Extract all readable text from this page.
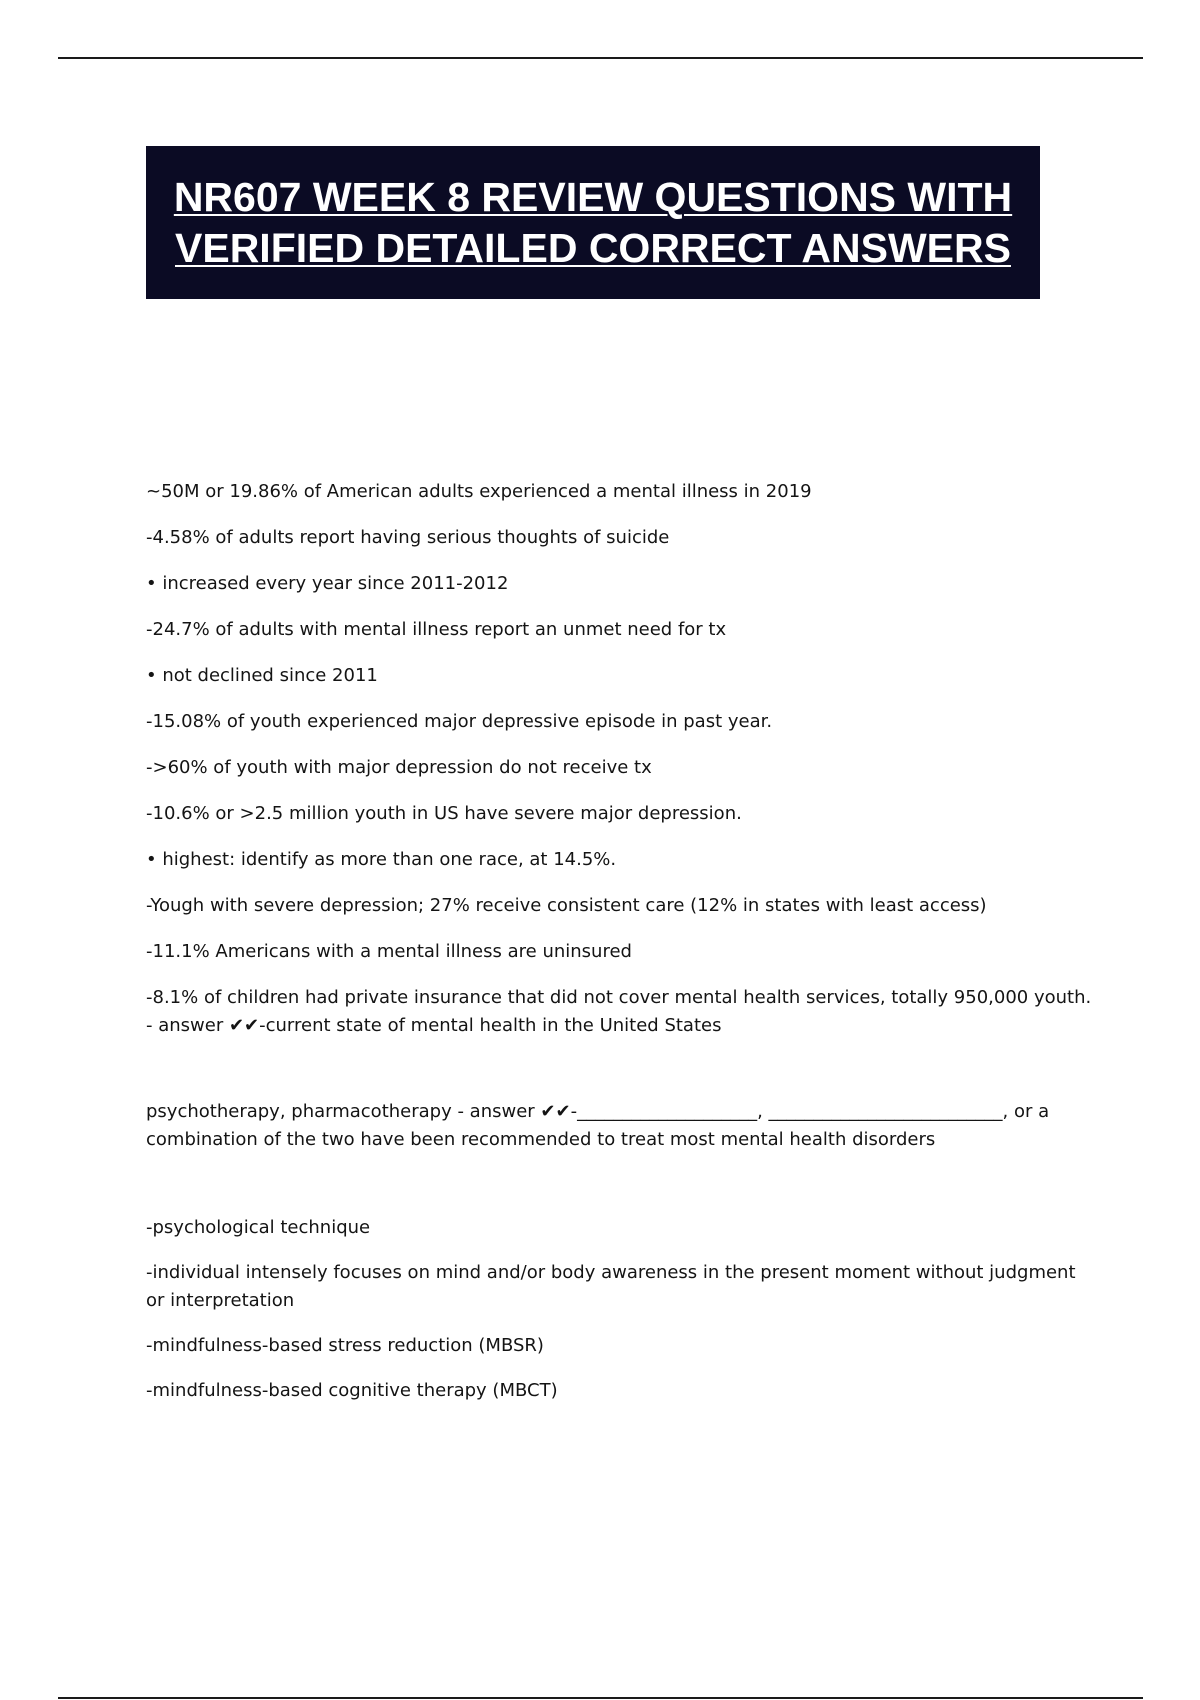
NR607 WEEK 8 REVIEW QUESTIONS WITH VERIFIED DETAILED CORRECT ANSWERS
~50M or 19.86% of American adults experienced a mental illness in 2019
-4.58% of adults report having serious thoughts of suicide
• increased every year since 2011-2012
-24.7% of adults with mental illness report an unmet need for tx
• not declined since 2011
-15.08% of youth experienced major depressive episode in past year.
->60% of youth with major depression do not receive tx
-10.6% or >2.5 million youth in US have severe major depression.
• highest: identify as more than one race, at 14.5%.
-Yough with severe depression; 27% receive consistent care (12% in states with least access)
-11.1% Americans with a mental illness are uninsured
-8.1% of children had private insurance that did not cover mental health services, totally 950,000 youth.
- answer ✔✔-current state of mental health in the United States
psychotherapy, pharmacotherapy - answer ✔✔-____________________, __________________________, or a combination of the two have been recommended to treat most mental health disorders
-psychological technique
-individual intensely focuses on mind and/or body awareness in the present moment without judgment or interpretation
-mindfulness-based stress reduction (MBSR)
-mindfulness-based cognitive therapy (MBCT)
